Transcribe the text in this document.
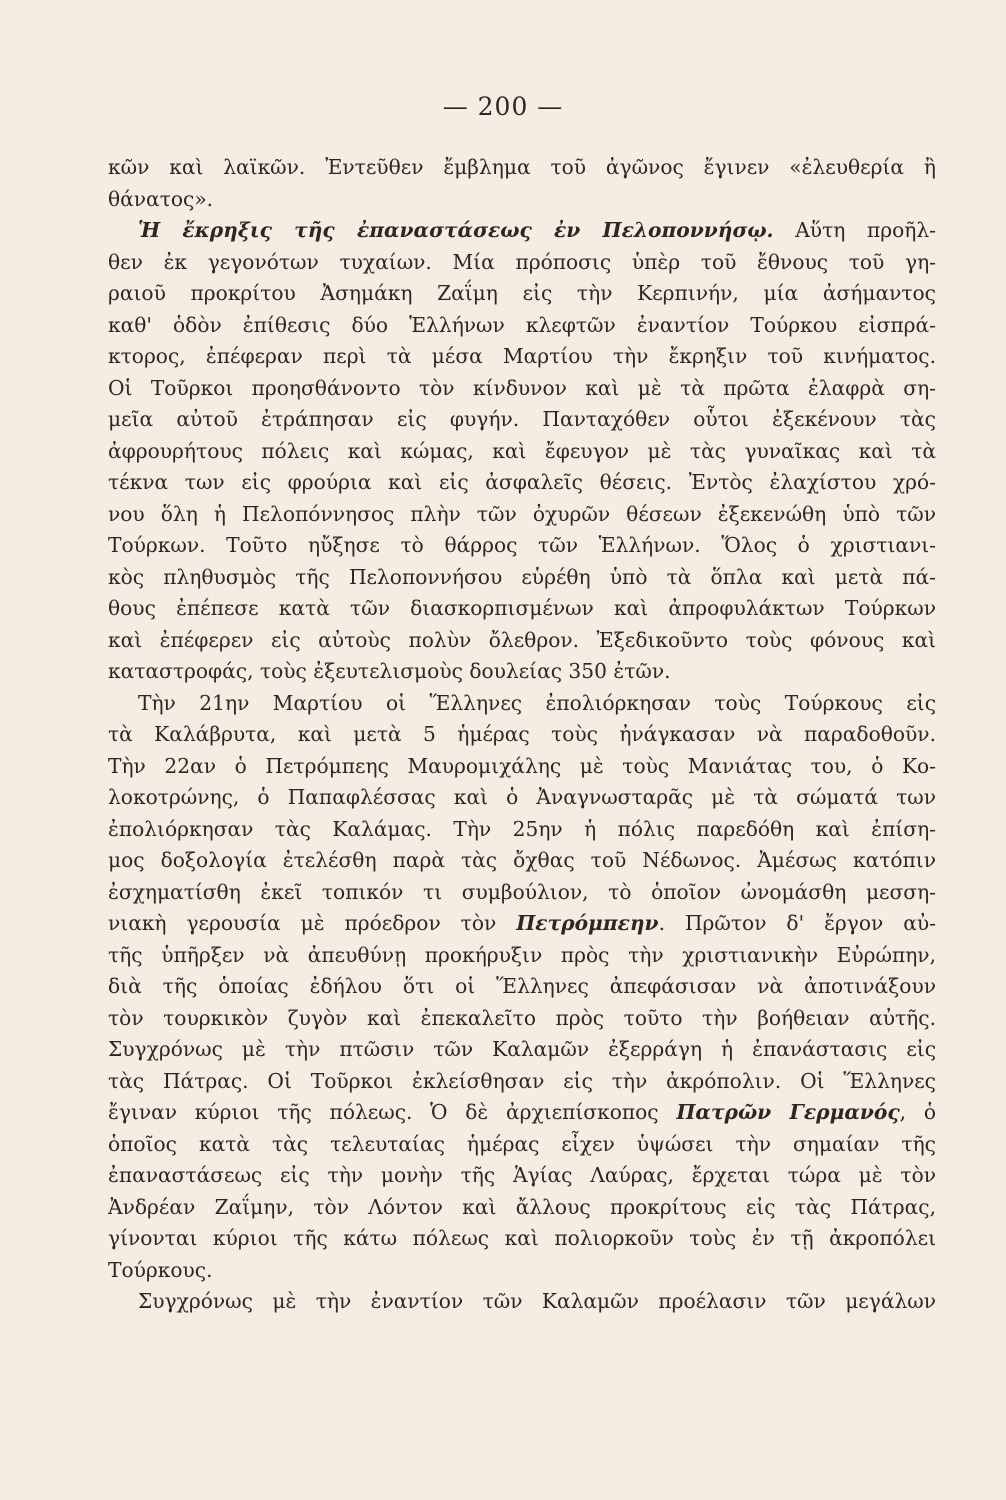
— 200 —
κῶν καὶ λαϊκῶν. Ἐντεῦθεν ἔμβλημα τοῦ ἀγῶνος ἔγινεν «ἐλευθερία ἢ
θάνατος».
Ἡ ἔκρηξις τῆς ἐπαναστάσεως ἐν Πελοποννήσῳ. Αὕτη προῆλ-
θεν ἐκ γεγονότων τυχαίων. Μία πρόποσις ὑπὲρ τοῦ ἔθνους τοῦ γη-
ραιοῦ προκρίτου Ἀσημάκη Ζαΐμη εἰς τὴν Κερπινήν, μία ἀσήμαντος
καθ' ὁδὸν ἐπίθεσις δύο Ἑλλήνων κλεφτῶν ἐναντίον Τούρκου εἰσπρά-
κτορος, ἐπέφεραν περὶ τὰ μέσα Μαρτίου τὴν ἔκρηξιν τοῦ κινήματος.
Οἱ Τοῦρκοι προησθάνοντο τὸν κίνδυνον καὶ μὲ τὰ πρῶτα ἐλαφρὰ ση-
μεῖα αὐτοῦ ἐτράπησαν εἰς φυγήν. Πανταχόθεν οὗτοι ἐξεκένουν τὰς
ἀφρουρήτους πόλεις καὶ κώμας, καὶ ἔφευγον μὲ τὰς γυναῖκας καὶ τὰ
τέκνα των εἰς φρούρια καὶ εἰς ἀσφαλεῖς θέσεις. Ἐντὸς ἐλαχίστου χρό-
νου ὅλη ἡ Πελοπόννησος πλὴν τῶν ὀχυρῶν θέσεων ἐξεκενώθη ὑπὸ τῶν
Τούρκων. Τοῦτο ηὔξησε τὸ θάρρος τῶν Ἑλλήνων. Ὅλος ὁ χριστιανι-
κὸς πληθυσμὸς τῆς Πελοποννήσου εὑρέθη ὑπὸ τὰ ὅπλα καὶ μετὰ πά-
θους ἐπέπεσε κατὰ τῶν διασκορπισμένων καὶ ἀπροφυλάκτων Τούρκων
καὶ ἐπέφερεν εἰς αὐτοὺς πολὺν ὄλεθρον. Ἐξεδικοῦντο τοὺς φόνους καὶ
καταστροφάς, τοὺς ἐξευτελισμοὺς δουλείας 350 ἐτῶν.
Τὴν 21ην Μαρτίου οἱ Ἕλληνες ἐπολιόρκησαν τοὺς Τούρκους εἰς
τὰ Καλάβρυτα, καὶ μετὰ 5 ἡμέρας τοὺς ἠνάγκασαν νὰ παραδοθοῦν.
Τὴν 22αν ὁ Πετρόμπεης Μαυρομιχάλης μὲ τοὺς Μανιάτας του, ὁ Κο-
λοκοτρώνης, ὁ Παπαφλέσσας καὶ ὁ Ἀναγνωσταρᾶς μὲ τὰ σώματά των
ἐπολιόρκησαν τὰς Καλάμας. Τὴν 25ην ἡ πόλις παρεδόθη καὶ ἐπίση-
μος δοξολογία ἐτελέσθη παρὰ τὰς ὄχθας τοῦ Νέδωνος. Ἀμέσως κατόπιν
ἐσχηματίσθη ἐκεῖ τοπικόν τι συμβούλιον, τὸ ὁποῖον ὠνομάσθη μεσση-
νιακὴ γερουσία μὲ πρόεδρον τὸν Πετρόμπεην. Πρῶτον δ' ἔργον αὐ-
τῆς ὑπῆρξεν νὰ ἀπευθύνῃ προκήρυξιν πρὸς τὴν χριστιανικὴν Εὐρώπην,
διὰ τῆς ὁποίας ἐδήλου ὅτι οἱ Ἕλληνες ἀπεφάσισαν νὰ ἀποτινάξουν
τὸν τουρκικὸν ζυγὸν καὶ ἐπεκαλεῖτο πρὸς τοῦτο τὴν βοήθειαν αὐτῆς.
Συγχρόνως μὲ τὴν πτῶσιν τῶν Καλαμῶν ἐξερράγη ἡ ἐπανάστασις εἰς
τὰς Πάτρας. Οἱ Τοῦρκοι ἐκλείσθησαν εἰς τὴν ἀκρόπολιν. Οἱ Ἕλληνες
ἔγιναν κύριοι τῆς πόλεως. Ὁ δὲ ἀρχιεπίσκοπος Πατρῶν Γερμανός, ὁ
ὁποῖος κατὰ τὰς τελευταίας ἡμέρας εἶχεν ὑψώσει τὴν σημαίαν τῆς
ἐπαναστάσεως εἰς τὴν μονὴν τῆς Ἁγίας Λαύρας, ἔρχεται τώρα μὲ τὸν
Ἀνδρέαν Ζαΐμην, τὸν Λόντον καὶ ἄλλους προκρίτους εἰς τὰς Πάτρας,
γίνονται κύριοι τῆς κάτω πόλεως καὶ πολιορκοῦν τοὺς ἐν τῇ ἀκροπόλει
Τούρκους.
Συγχρόνως μὲ τὴν ἐναντίον τῶν Καλαμῶν προέλασιν τῶν μεγάλων
